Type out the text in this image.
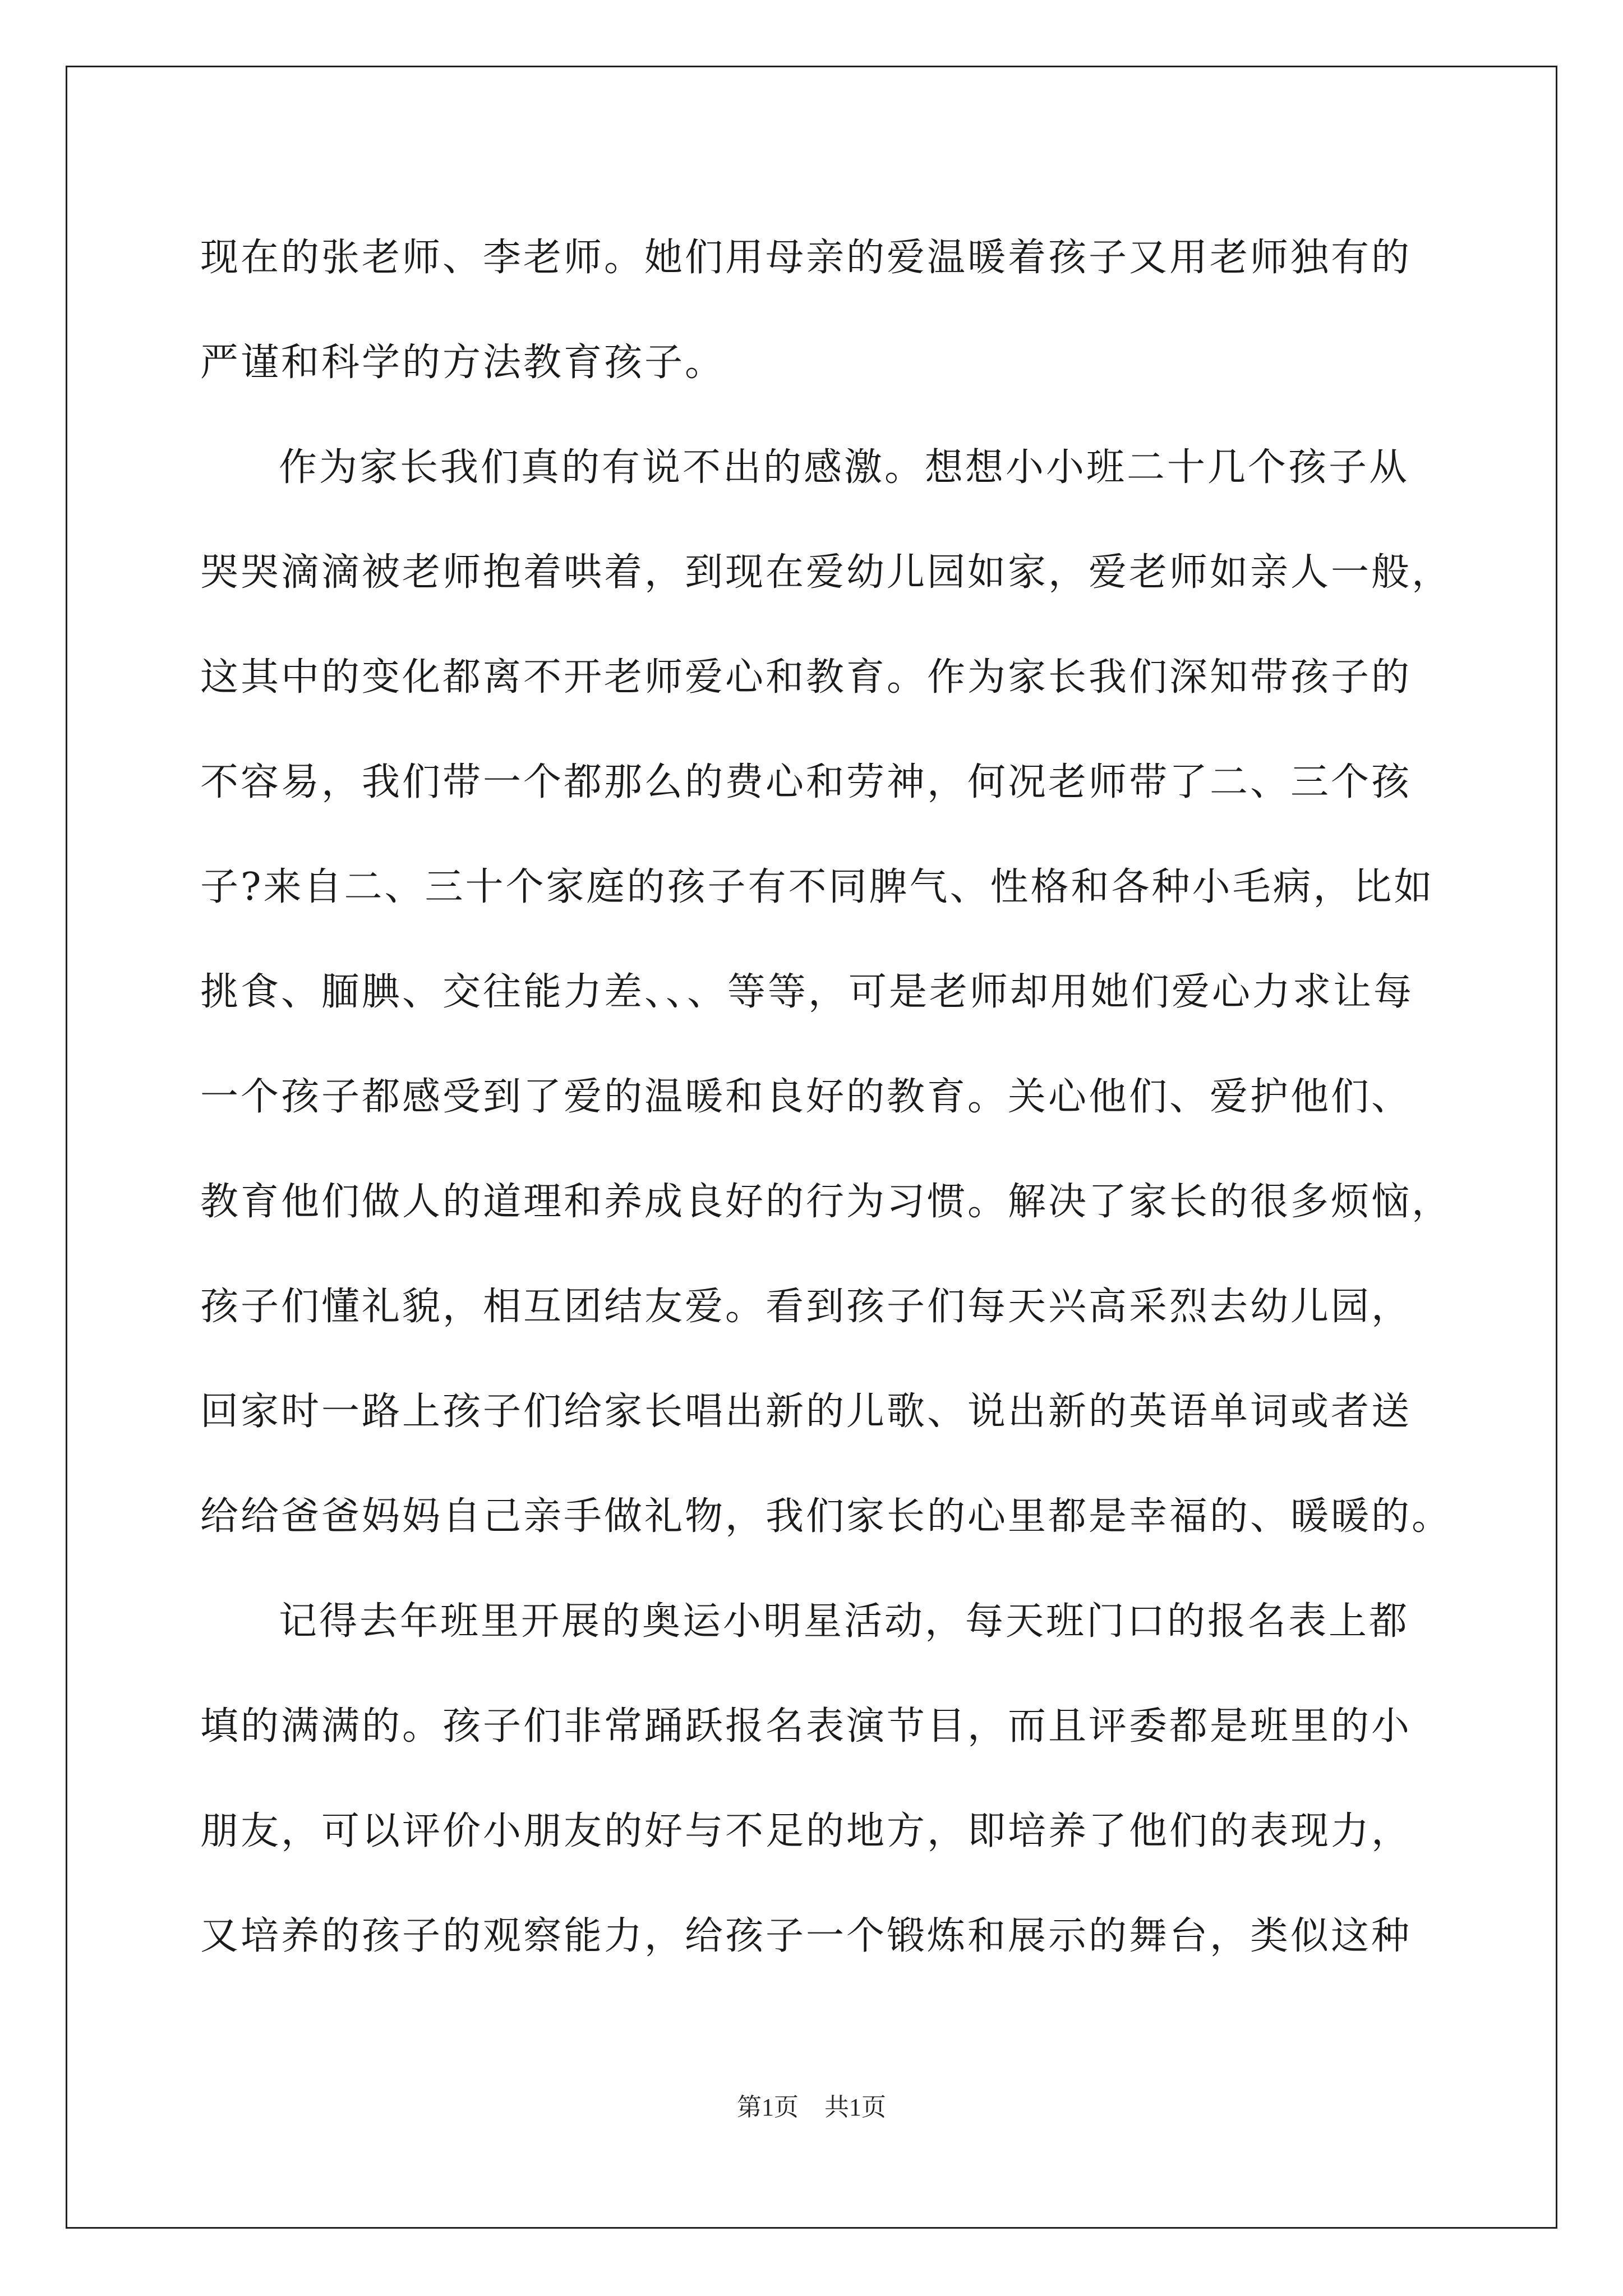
现在的张老师、李老师。她们用母亲的爱温暖着孩子又用老师独有的
严谨和科学的方法教育孩子。
作为家长我们真的有说不出的感激。想想小小班二十几个孩子从
哭哭滴滴被老师抱着哄着，到现在爱幼儿园如家，爱老师如亲人一般，
这其中的变化都离不开老师爱心和教育。作为家长我们深知带孩子的
不容易，我们带一个都那么的费心和劳神，何况老师带了二、三个孩
子?来自二、三十个家庭的孩子有不同脾气、性格和各种小毛病，比如
挑食、腼腆、交往能力差、、、等等，可是老师却用她们爱心力求让每
一个孩子都感受到了爱的温暖和良好的教育。关心他们、爱护他们、
教育他们做人的道理和养成良好的行为习惯。解决了家长的很多烦恼，
孩子们懂礼貌，相互团结友爱。看到孩子们每天兴高采烈去幼儿园，
回家时一路上孩子们给家长唱出新的儿歌、说出新的英语单词或者送
给给爸爸妈妈自己亲手做礼物，我们家长的心里都是幸福的、暖暖的。
记得去年班里开展的奥运小明星活动，每天班门口的报名表上都
填的满满的。孩子们非常踊跃报名表演节目，而且评委都是班里的小
朋友，可以评价小朋友的好与不足的地方，即培养了他们的表现力，
又培养的孩子的观察能力，给孩子一个锻炼和展示的舞台，类似这种
第1页 共1页
